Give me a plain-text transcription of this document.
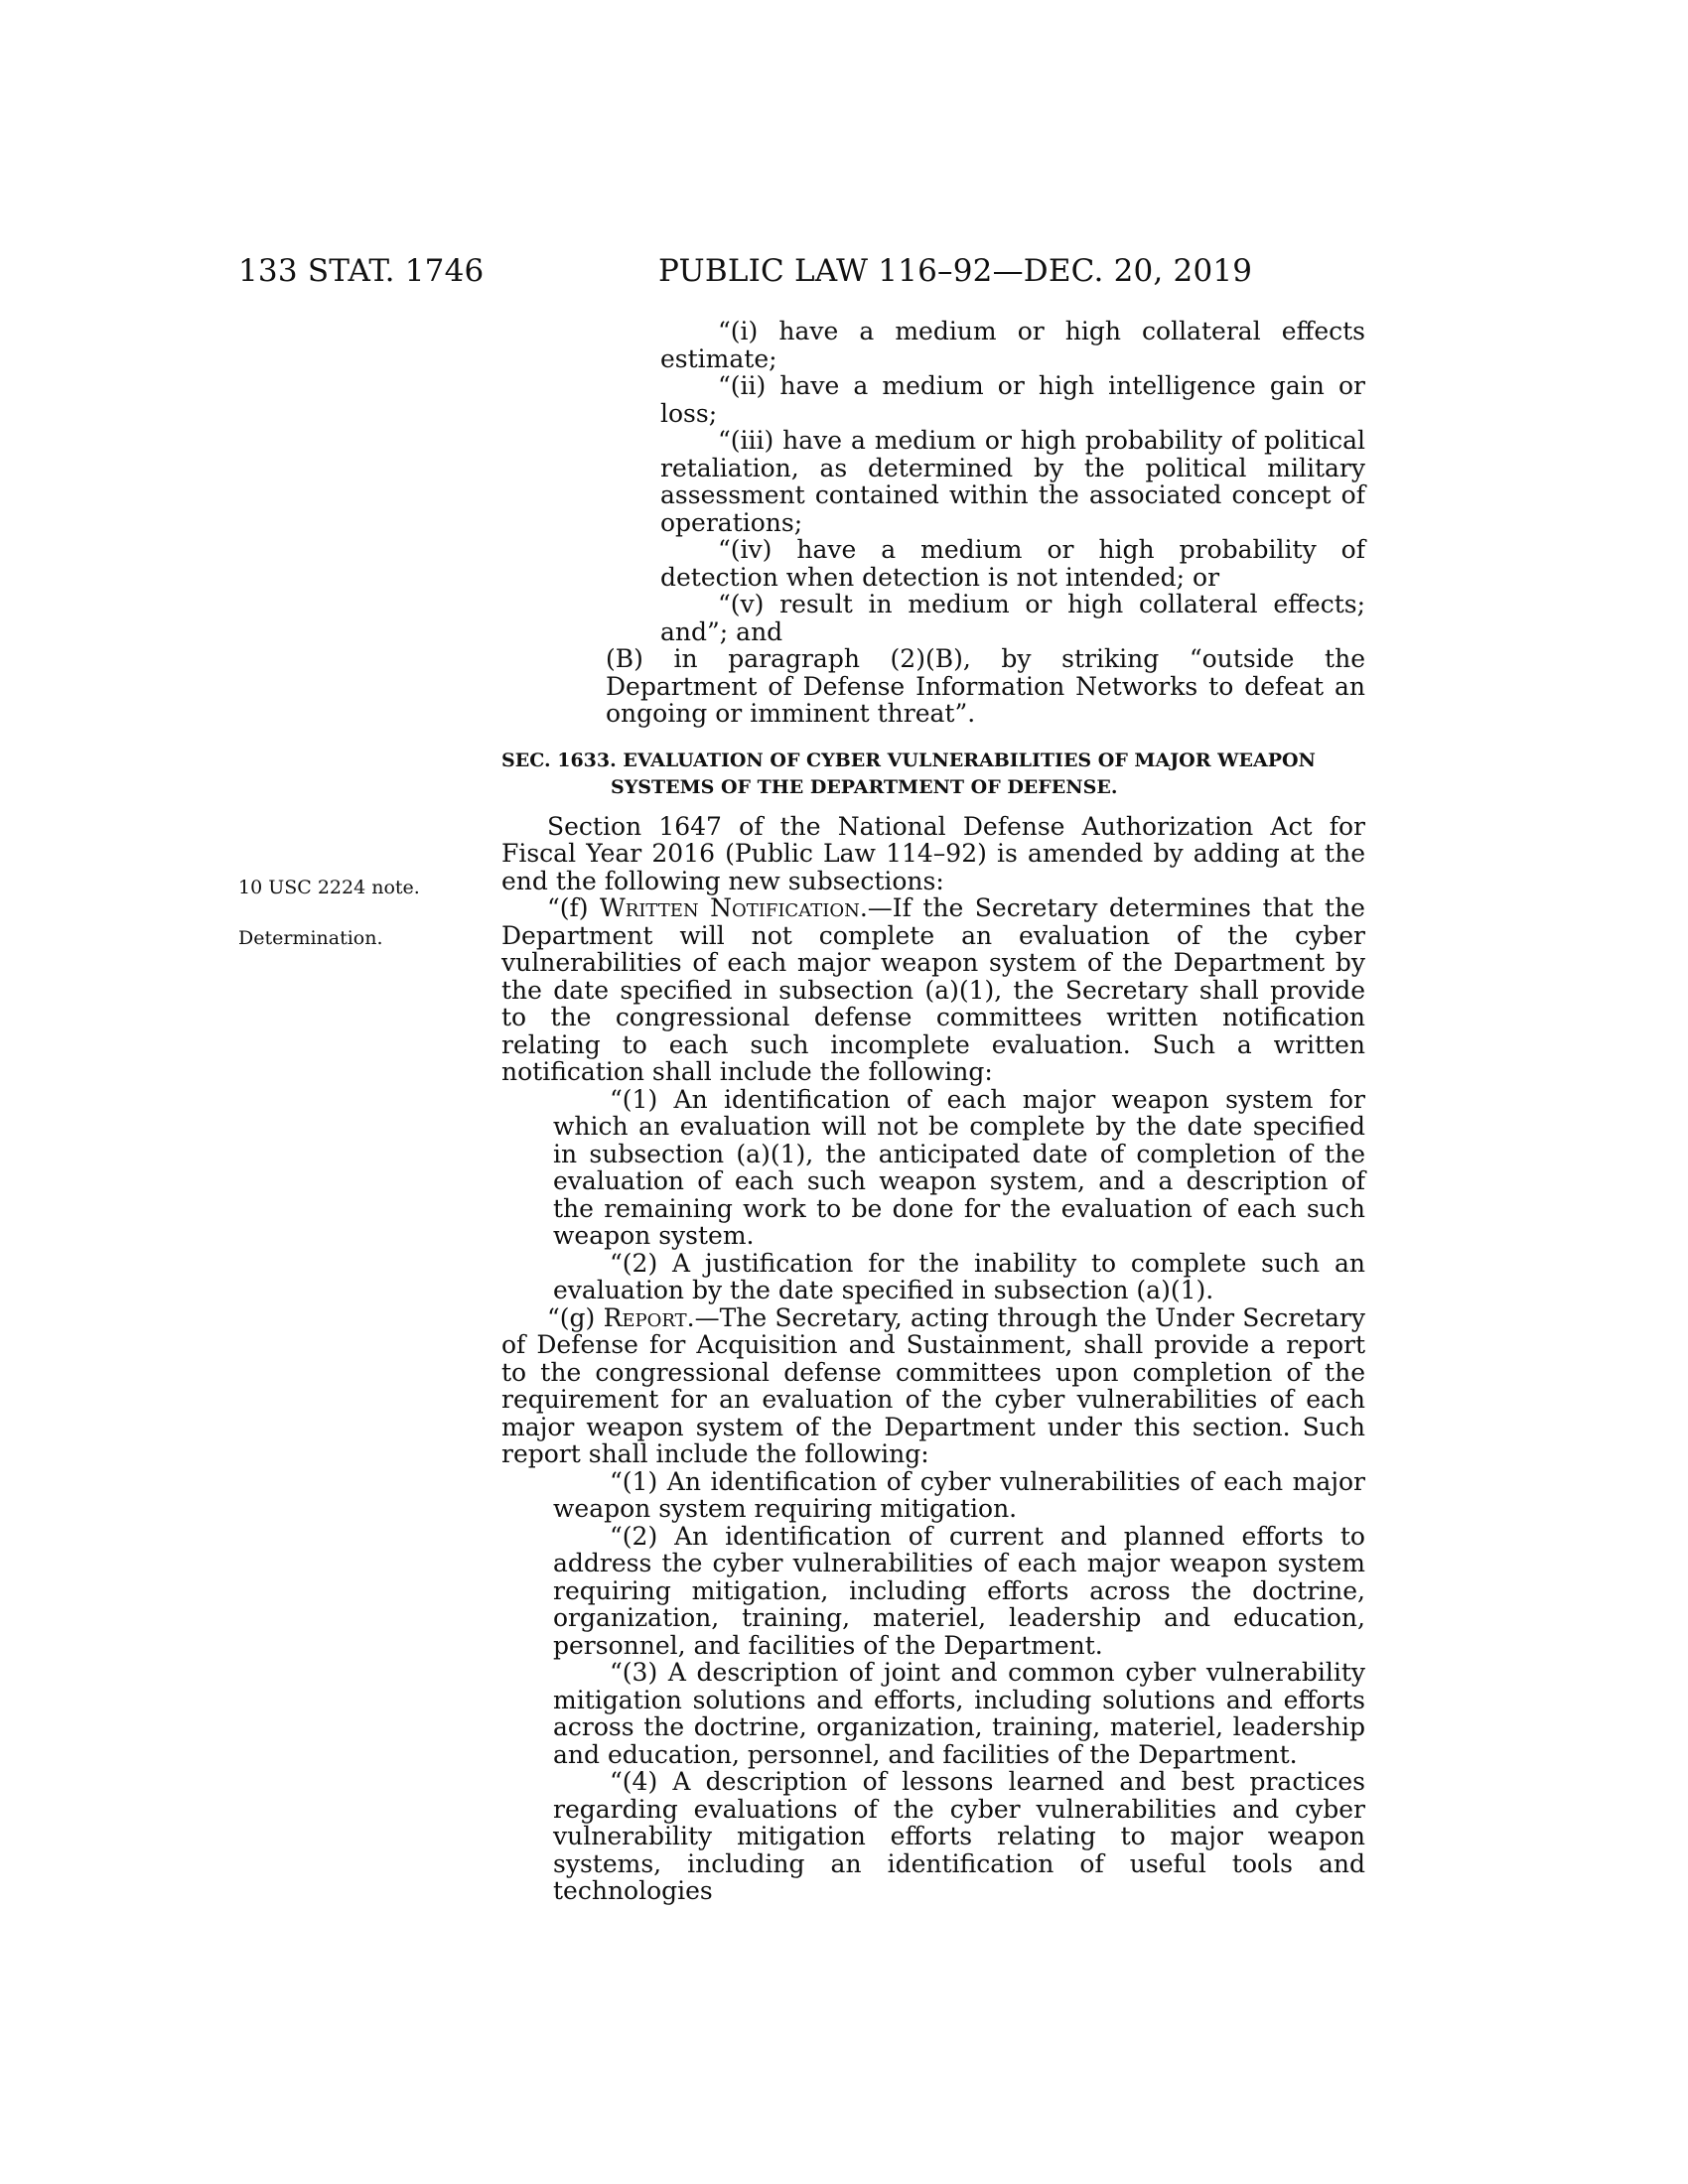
133 STAT. 1746	PUBLIC LAW 116–92—DEC. 20, 2019
10 USC 2224 note.
Determination.

“(i) have a medium or high collateral effects estimate;

“(ii) have a medium or high intelligence gain or loss;

“(iii) have a medium or high probability of political retaliation, as determined by the political military assessment contained within the associated concept of operations;

“(iv) have a medium or high probability of detection when detection is not intended; or

“(v) result in medium or high collateral effects; and”; and

(B) in paragraph (2)(B), by striking “outside the Department of Defense Information Networks to defeat an ongoing or imminent threat”.

SEC. 1633. EVALUATION OF CYBER VULNERABILITIES OF MAJOR WEAPON SYSTEMS OF THE DEPARTMENT OF DEFENSE.

Section 1647 of the National Defense Authorization Act for Fiscal Year 2016 (Public Law 114–92) is amended by adding at the end the following new subsections:

“(f) Written Notification.—If the Secretary determines that the Department will not complete an evaluation of the cyber vulnerabilities of each major weapon system of the Department by the date specified in subsection (a)(1), the Secretary shall provide to the congressional defense committees written notification relating to each such incomplete evaluation. Such a written notification shall include the following:

“(1) An identification of each major weapon system for which an evaluation will not be complete by the date specified in subsection (a)(1), the anticipated date of completion of the evaluation of each such weapon system, and a description of the remaining work to be done for the evaluation of each such weapon system.

“(2) A justification for the inability to complete such an evaluation by the date specified in subsection (a)(1).

“(g) Report.—The Secretary, acting through the Under Secretary of Defense for Acquisition and Sustainment, shall provide a report to the congressional defense committees upon completion of the requirement for an evaluation of the cyber vulnerabilities of each major weapon system of the Department under this section. Such report shall include the following:

“(1) An identification of cyber vulnerabilities of each major weapon system requiring mitigation.

“(2) An identification of current and planned efforts to address the cyber vulnerabilities of each major weapon system requiring mitigation, including efforts across the doctrine, organization, training, materiel, leadership and education, personnel, and facilities of the Department.

“(3) A description of joint and common cyber vulnerability mitigation solutions and efforts, including solutions and efforts across the doctrine, organization, training, materiel, leadership and education, personnel, and facilities of the Department.

“(4) A description of lessons learned and best practices regarding evaluations of the cyber vulnerabilities and cyber vulnerability mitigation efforts relating to major weapon systems, including an identification of useful tools and technologies
